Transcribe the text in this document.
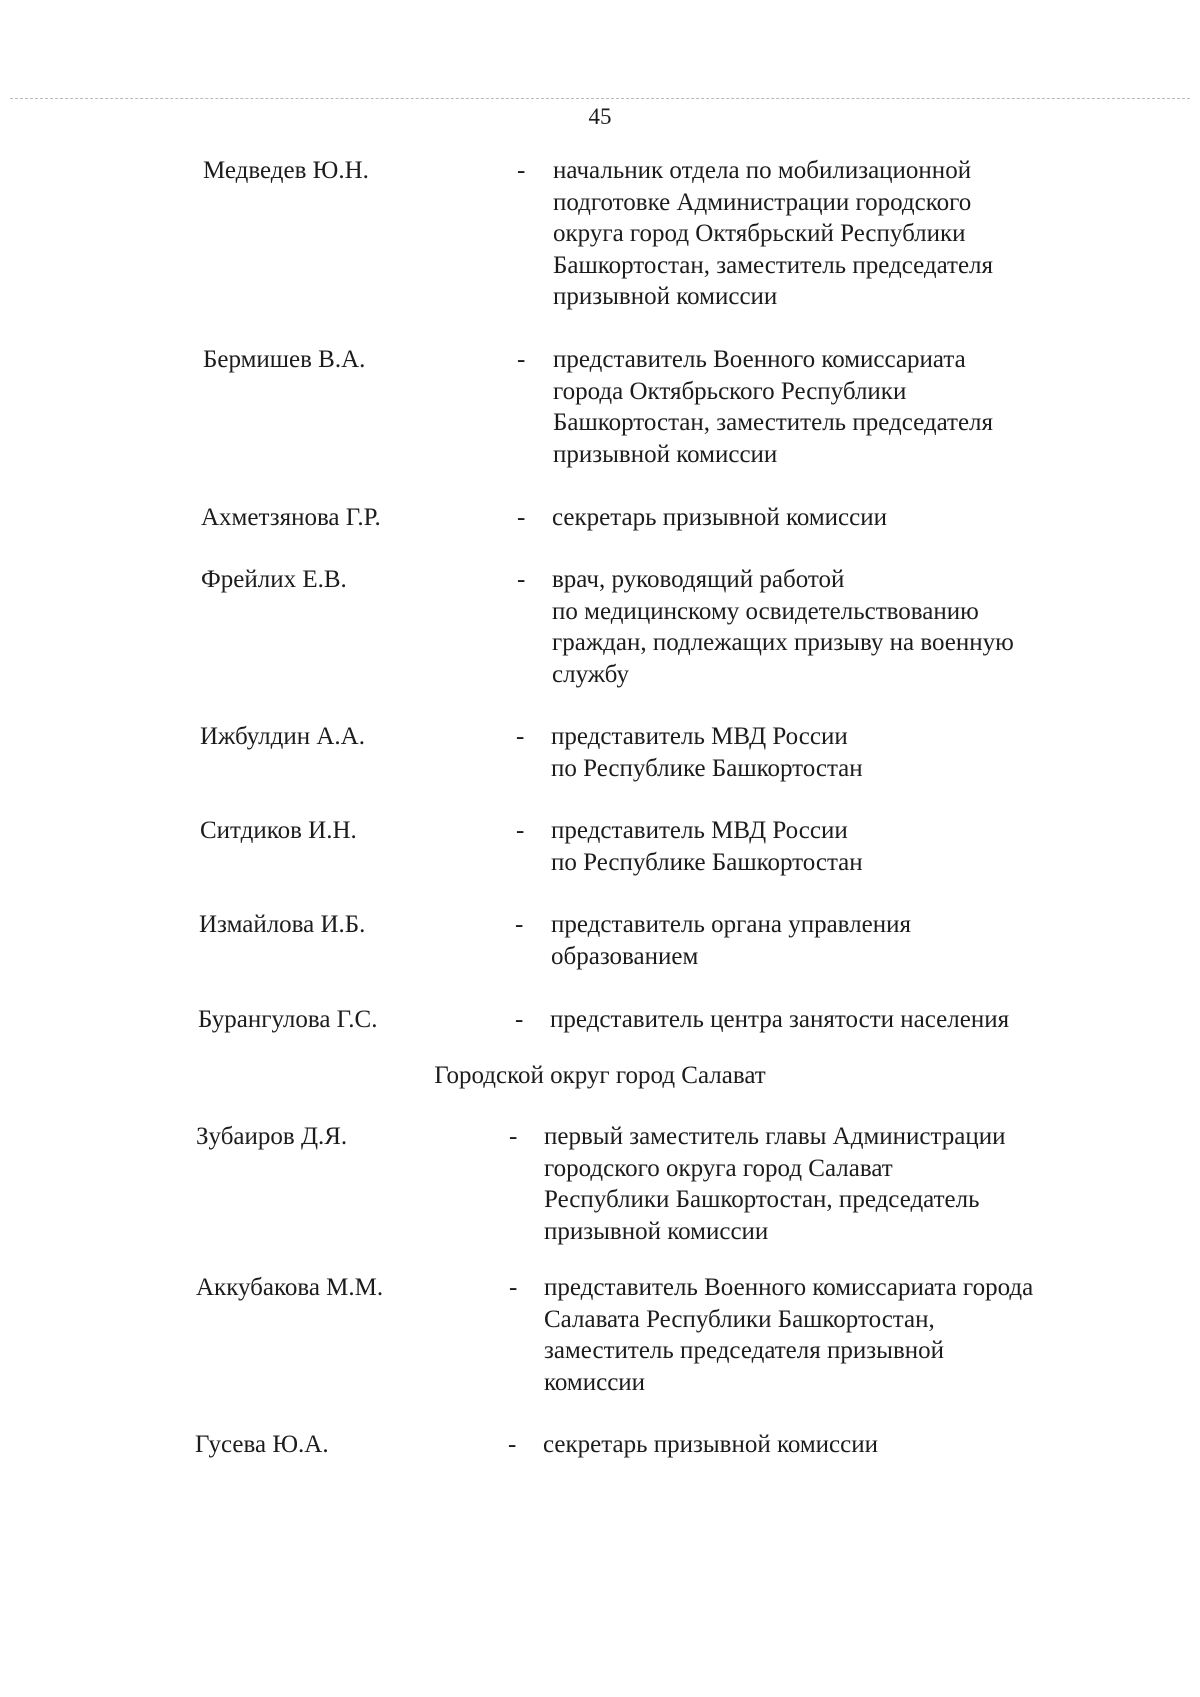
45
Медведев Ю.Н.	- начальник отдела по мобилизационной
подготовке Администрации городского
округа город Октябрьский Республики
Башкортостан, заместитель председателя
призывной комиссии
Бермишев В.А.	- представитель Военного комиссариата
города Октябрьского Республики
Башкортостан, заместитель председателя
призывной комиссии
Ахметзянова Г.Р.	- секретарь призывной комиссии
Фрейлих Е.В.	- врач, руководящий работой
по медицинскому освидетельствованию
граждан, подлежащих призыву на военную
службу
Ижбулдин А.А.	- представитель МВД России
по Республике Башкортостан
Ситдиков И.Н.	- представитель МВД России
по Республике Башкортостан
Измайлова И.Б.	- представитель органа управления
образованием
Бурангулова Г.С.	- представитель центра занятости населения
Городской округ город Салават
Зубаиров Д.Я.	- первый заместитель главы Администрации
городского округа город Салават
Республики Башкортостан, председатель
призывной комиссии
Аккубакова М.М.	- представитель Военного комиссариата города
Салавата Республики Башкортостан,
заместитель председателя призывной
комиссии
Гусева Ю.А.	- секретарь призывной комиссии
